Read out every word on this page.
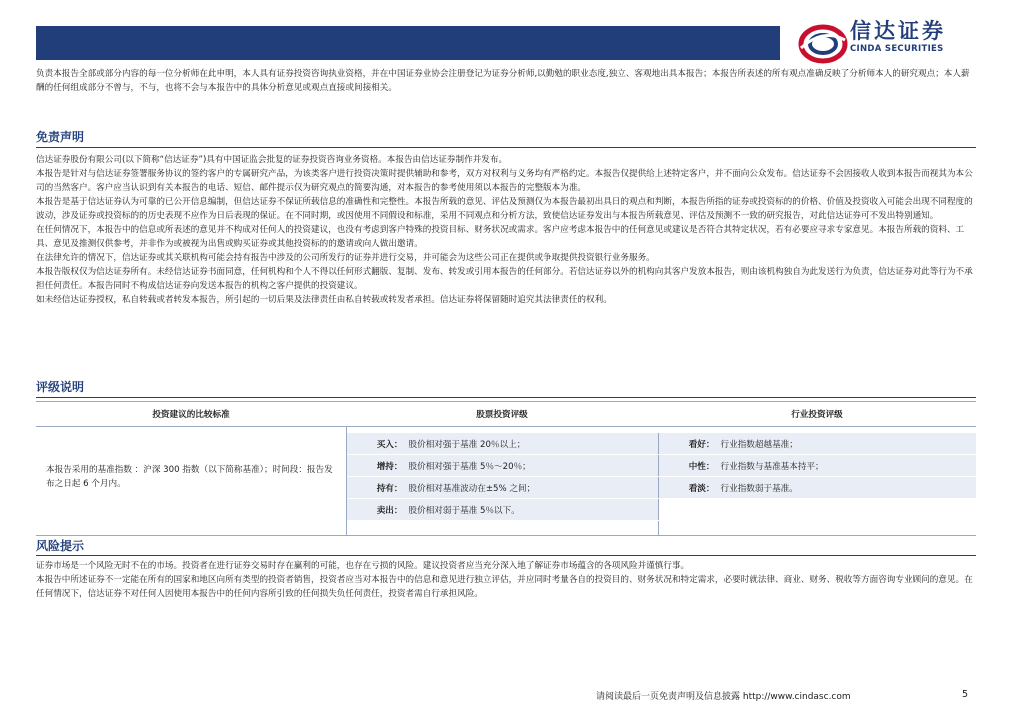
信达证券
CINDA SECURITIES

负责本报告全部或部分内容的每一位分析师在此申明，本人具有证券投资咨询执业资格，并在中国证券业协会注册登记为证券分析师,以勤勉的职业态度,独立、客观地出具本报告；本报告所表述的所有观点准确反映了分析师本人的研究观点；本人薪酬的任何组成部分不曾与，不与，也将不会与本报告中的具体分析意见或观点直接或间接相关。

免责声明

信达证券股份有限公司(以下简称“信达证券”)具有中国证监会批复的证券投资咨询业务资格。本报告由信达证券制作并发布。

本报告是针对与信达证券签署服务协议的签约客户的专属研究产品，为该类客户进行投资决策时提供辅助和参考，双方对权利与义务均有严格约定。本报告仅提供给上述特定客户，并不面向公众发布。信达证券不会因接收人收到本报告而视其为本公司的当然客户。客户应当认识到有关本报告的电话、短信、邮件提示仅为研究观点的简要沟通，对本报告的参考使用须以本报告的完整版本为准。

本报告是基于信达证券认为可靠的已公开信息编制，但信达证券不保证所载信息的准确性和完整性。本报告所载的意见、评估及预测仅为本报告最初出具日的观点和判断，本报告所指的证券或投资标的的价格、价值及投资收入可能会出现不同程度的波动，涉及证券或投资标的的历史表现不应作为日后表现的保证。在不同时期，或因使用不同假设和标准，采用不同观点和分析方法，致使信达证券发出与本报告所载意见、评估及预测不一致的研究报告，对此信达证券可不发出特别通知。

在任何情况下，本报告中的信息或所表述的意见并不构成对任何人的投资建议，也没有考虑到客户特殊的投资目标、财务状况或需求。客户应考虑本报告中的任何意见或建议是否符合其特定状况，若有必要应寻求专家意见。本报告所载的资料、工具、意见及推测仅供参考，并非作为或被视为出售或购买证券或其他投资标的的邀请或向人做出邀请。

在法律允许的情况下，信达证券或其关联机构可能会持有报告中涉及的公司所发行的证券并进行交易，并可能会为这些公司正在提供或争取提供投资银行业务服务。

本报告版权仅为信达证券所有。未经信达证券书面同意，任何机构和个人不得以任何形式翻版、复制、发布、转发或引用本报告的任何部分。若信达证券以外的机构向其客户发放本报告，则由该机构独自为此发送行为负责，信达证券对此等行为不承担任何责任。本报告同时不构成信达证券向发送本报告的机构之客户提供的投资建议。

如未经信达证券授权，私自转载或者转发本报告，所引起的一切后果及法律责任由私自转载或转发者承担。信达证券将保留随时追究其法律责任的权利。

评级说明
投资建议的比较标准	股票投资评级	行业投资评级

本报告采用的基准指数 ：沪深 300 指数（以下简称基准）；时间段：报告发布之日起 6 个月内。	买入： 股价相对强于基准 20％以上；	看好： 行业指数超越基准；
	增持： 股价相对强于基准 5％～20％；	中性： 行业指数与基准基本持平；
	持有： 股价相对基准波动在±5% 之间；	看淡： 行业指数弱于基准。
	卖出： 股价相对弱于基准 5％以下。	

风险提示

证券市场是一个风险无时不在的市场。投资者在进行证券交易时存在赢利的可能，也存在亏损的风险。建议投资者应当充分深入地了解证券市场蕴含的各项风险并谨慎行事。

本报告中所述证券不一定能在所有的国家和地区向所有类型的投资者销售，投资者应当对本报告中的信息和意见进行独立评估，并应同时考量各自的投资目的、财务状况和特定需求，必要时就法律、商业、财务、税收等方面咨询专业顾问的意见。在任何情况下，信达证券不对任何人因使用本报告中的任何内容所引致的任何损失负任何责任，投资者需自行承担风险。

请阅读最后一页免责声明及信息披露 http://www.cindasc.com	5
